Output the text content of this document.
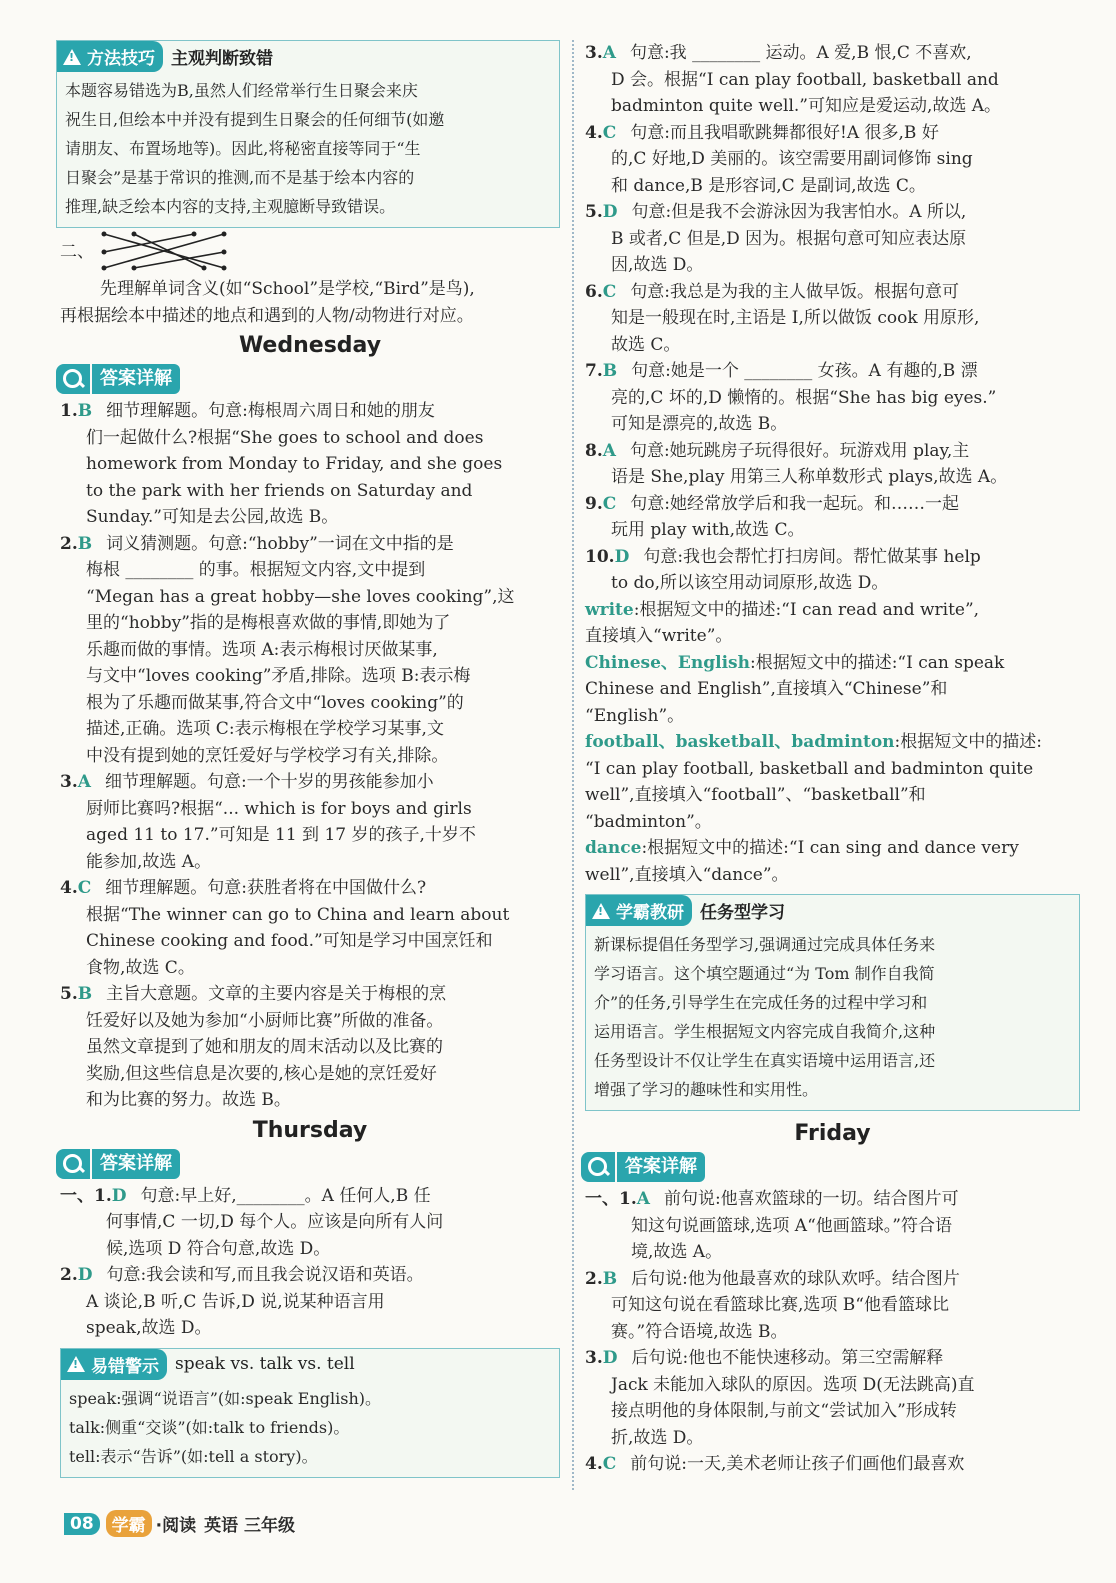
!
方法技巧 主观判断致错

本题容易错选为B,虽然人们经常举行生日聚会来庆

祝生日,但绘本中并没有提到生日聚会的任何细节(如邀

请朋友、布置场地等)。因此,将秘密直接等同于“生

日聚会”是基于常识的推测,而不是基于绘本内容的

推理,缺乏绘本内容的支持,主观臆断导致错误。

二、

先理解单词含义(如“School”是学校,“Bird”是鸟),

再根据绘本中描述的地点和遇到的人物/动物进行对应。

Wednesday
答案详解

1.B 细节理解题。句意:梅根周六周日和她的朋友

们一起做什么?根据“She goes to school and does

homework from Monday to Friday, and she goes

to the park with her friends on Saturday and

Sunday.”可知是去公园,故选 B。

2.B 词义猜测题。句意:“hobby”一词在文中指的是

梅根 ________ 的事。根据短文内容,文中提到

“Megan has a great hobby—she loves cooking”,这

里的“hobby”指的是梅根喜欢做的事情,即她为了

乐趣而做的事情。选项 A:表示梅根讨厌做某事,

与文中“loves cooking”矛盾,排除。选项 B:表示梅

根为了乐趣而做某事,符合文中“loves cooking”的

描述,正确。选项 C:表示梅根在学校学习某事,文

中没有提到她的烹饪爱好与学校学习有关,排除。

3.A 细节理解题。句意:一个十岁的男孩能参加小

厨师比赛吗?根据“... which is for boys and girls

aged 11 to 17.”可知是 11 到 17 岁的孩子,十岁不

能参加,故选 A。

4.C 细节理解题。句意:获胜者将在中国做什么?

根据“The winner can go to China and learn about

Chinese cooking and food.”可知是学习中国烹饪和

食物,故选 C。

5.B 主旨大意题。文章的主要内容是关于梅根的烹

饪爱好以及她为参加“小厨师比赛”所做的准备。

虽然文章提到了她和朋友的周末活动以及比赛的

奖励,但这些信息是次要的,核心是她的烹饪爱好

和为比赛的努力。故选 B。

Thursday
答案详解

一、1.D 句意:早上好,________。A 任何人,B 任

何事情,C 一切,D 每个人。应该是向所有人问

候,选项 D 符合句意,故选 D。

2.D 句意:我会读和写,而且我会说汉语和英语。

A 谈论,B 听,C 告诉,D 说,说某种语言用

speak,故选 D。

!
易错警示 speak vs. talk vs. tell

speak:强调“说语言”(如:speak English)。

talk:侧重“交谈”(如:talk to friends)。

tell:表示“告诉”(如:tell a story)。

3.A 句意:我 ________ 运动。A 爱,B 恨,C 不喜欢,

D 会。根据“I can play football, basketball and

badminton quite well.”可知应是爱运动,故选 A。

4.C 句意:而且我唱歌跳舞都很好!A 很多,B 好

的,C 好地,D 美丽的。该空需要用副词修饰 sing

和 dance,B 是形容词,C 是副词,故选 C。

5.D 句意:但是我不会游泳因为我害怕水。A 所以,

B 或者,C 但是,D 因为。根据句意可知应表达原

因,故选 D。

6.C 句意:我总是为我的主人做早饭。根据句意可

知是一般现在时,主语是 I,所以做饭 cook 用原形,

故选 C。

7.B 句意:她是一个 ________ 女孩。A 有趣的,B 漂

亮的,C 坏的,D 懒惰的。根据“She has big eyes.”

可知是漂亮的,故选 B。

8.A 句意:她玩跳房子玩得很好。玩游戏用 play,主

语是 She,play 用第三人称单数形式 plays,故选 A。

9.C 句意:她经常放学后和我一起玩。和……一起

玩用 play with,故选 C。

10.D 句意:我也会帮忙打扫房间。帮忙做某事 help

to do,所以该空用动词原形,故选 D。

write:根据短文中的描述:“I can read and write”,

直接填入“write”。

Chinese、English:根据短文中的描述:“I can speak

Chinese and English”,直接填入“Chinese”和

“English”。

football、basketball、badminton:根据短文中的描述:

“I can play football, basketball and badminton quite

well”,直接填入“football”、“basketball”和

“badminton”。

dance:根据短文中的描述:“I can sing and dance very

well”,直接填入“dance”。

!
学霸教研 任务型学习

新课标提倡任务型学习,强调通过完成具体任务来

学习语言。这个填空题通过“为 Tom 制作自我简

介”的任务,引导学生在完成任务的过程中学习和

运用语言。学生根据短文内容完成自我简介,这种

任务型设计不仅让学生在真实语境中运用语言,还

增强了学习的趣味性和实用性。

Friday
答案详解

一、1.A 前句说:他喜欢篮球的一切。结合图片可

知这句说画篮球,选项 A“他画篮球。”符合语

境,故选 A。

2.B 后句说:他为他最喜欢的球队欢呼。结合图片

可知这句说在看篮球比赛,选项 B“他看篮球比

赛。”符合语境,故选 B。

3.D 后句说:他也不能快速移动。第三空需解释

Jack 未能加入球队的原因。选项 D(无法跳高)直

接点明他的身体限制,与前文“尝试加入”形成转

折,故选 D。

4.C 前句说:一天,美术老师让孩子们画他们最喜欢

08	学霸 ·阅读 英语 三年级
